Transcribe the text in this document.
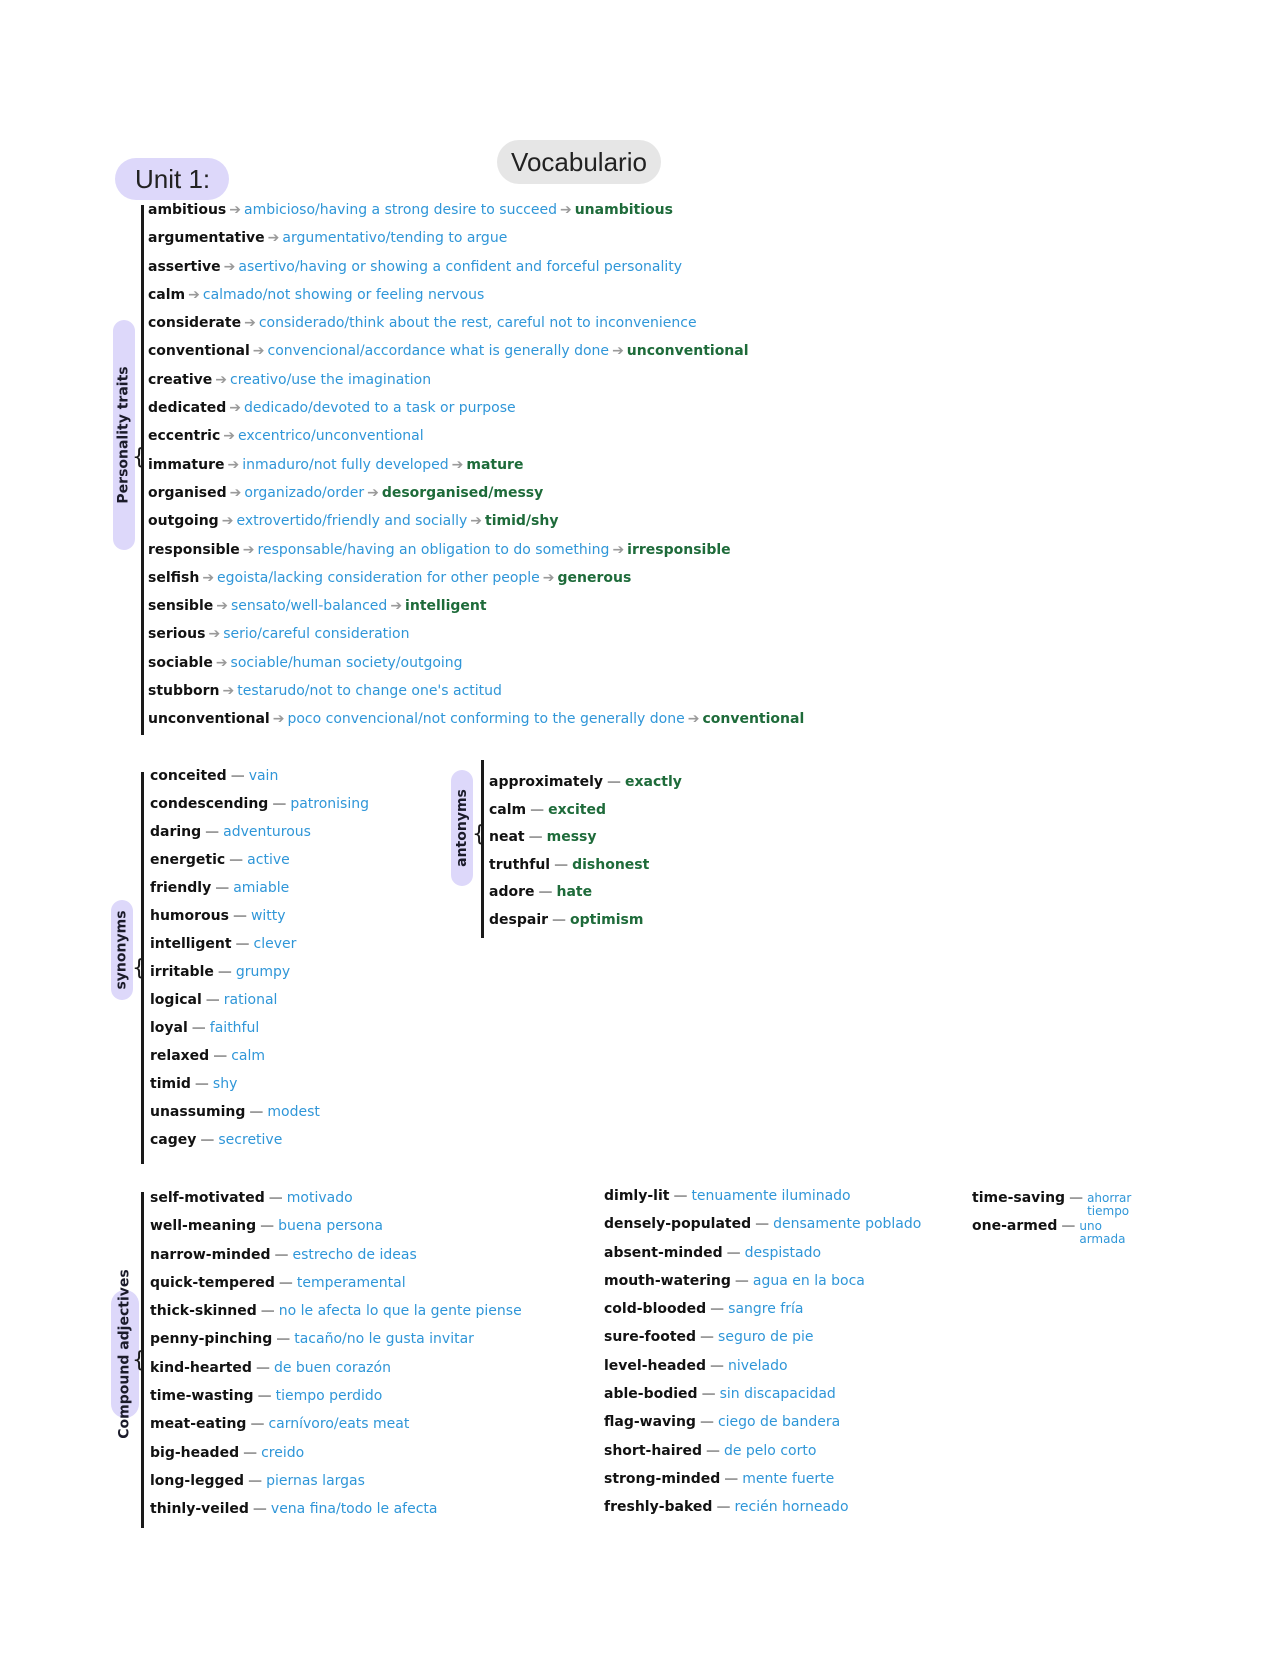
Vocabulario
Unit 1:
Personality traits {
ambitious ➔ ambicioso/having a strong desire to succeed ➔ unambitious
argumentative ➔ argumentativo/tending to argue
assertive ➔ asertivo/having or showing a confident and forceful personality
calm ➔ calmado/not showing or feeling nervous
considerate ➔ considerado/think about the rest, careful not to inconvenience
conventional ➔ convencional/accordance what is generally done ➔ unconventional
creative ➔ creativo/use the imagination
dedicated ➔ dedicado/devoted to a task or purpose
eccentric ➔ excentrico/unconventional
immature ➔ inmaduro/not fully developed ➔ mature
organised ➔ organizado/order ➔ desorganised/messy
outgoing ➔ extrovertido/friendly and socially ➔ timid/shy
responsible ➔ responsable/having an obligation to do something ➔ irresponsible
selfish ➔ egoista/lacking consideration for other people ➔ generous
sensible ➔ sensato/well-balanced ➔ intelligent
serious ➔ serio/careful consideration
sociable ➔ sociable/human society/outgoing
stubborn ➔ testarudo/not to change one's actitud
unconventional ➔ poco convencional/not conforming to the generally done ➔ conventional
synonyms {
conceited — vain
condescending — patronising
daring — adventurous
energetic — active
friendly — amiable
humorous — witty
intelligent — clever
irritable — grumpy
logical — rational
loyal — faithful
relaxed — calm
timid — shy
unassuming — modest
cagey — secretive
antonyms {
approximately — exactly
calm — excited
neat — messy
truthful — dishonest
adore — hate
despair — optimism
Compound adjectives {
self-motivated — motivado
well-meaning — buena persona
narrow-minded — estrecho de ideas
quick-tempered — temperamental
thick-skinned — no le afecta lo que la gente piense
penny-pinching — tacaño/no le gusta invitar
kind-hearted — de buen corazón
time-wasting — tiempo perdido
meat-eating — carnívoro/eats meat
big-headed — creido
long-legged — piernas largas
thinly-veiled — vena fina/todo le afecta
dimly-lit — tenuamente iluminado
densely-populated — densamente poblado
absent-minded — despistado
mouth-watering — agua en la boca
cold-blooded — sangre fría
sure-footed — seguro de pie
level-headed — nivelado
able-bodied — sin discapacidad
flag-waving — ciego de bandera
short-haired — de pelo corto
strong-minded — mente fuerte
freshly-baked — recién horneado
time-saving — ahorrar
tiempo
one-armed — uno
armada
